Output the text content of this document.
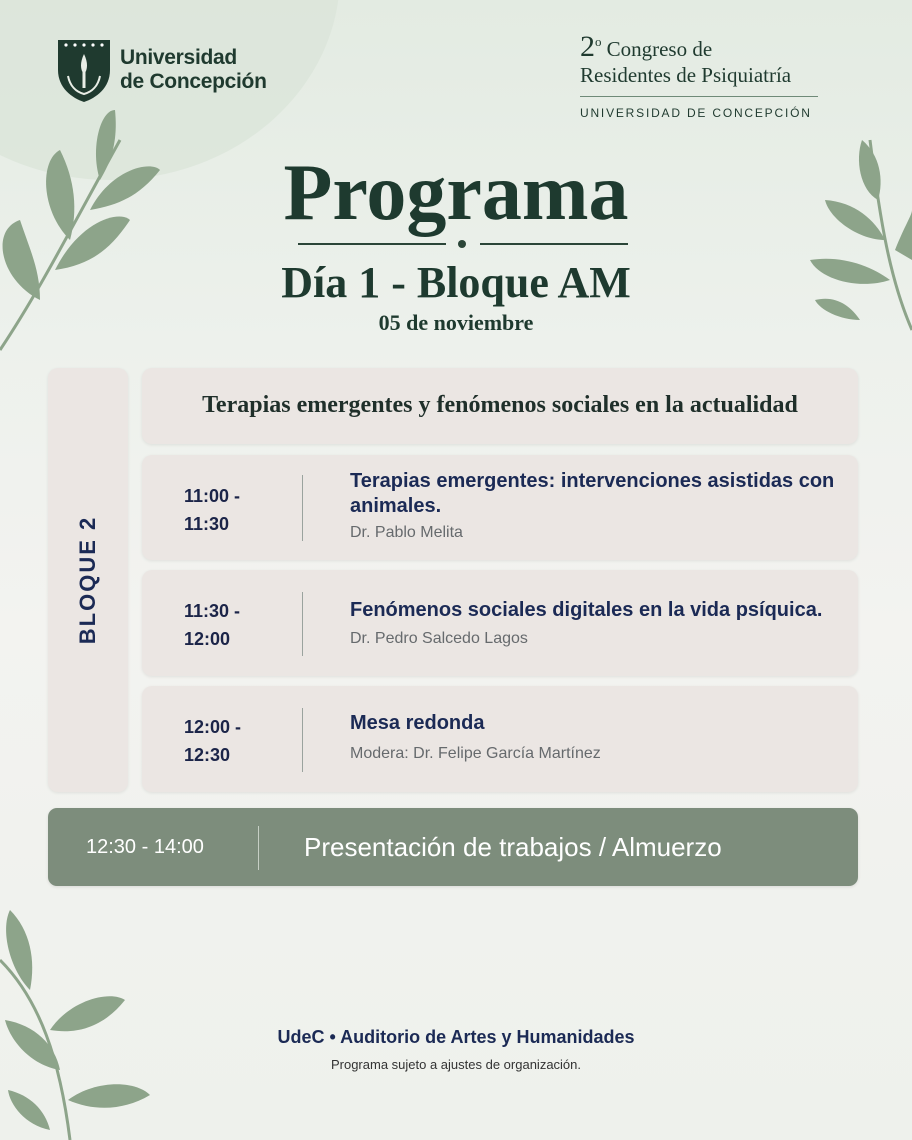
Universidad
de Concepción
2$^o$ Congreso de
Residentes de Psiquiatría
UNIVERSIDAD DE CONCEPCIÓN
Programa
Día 1 - Bloque AM
05 de noviembre
BLOQUE 2
Terapias emergentes y fenómenos sociales en la actualidad
11:00 -
11:30
Terapias emergentes: intervenciones asistidas con animales.
Dr. Pablo Melita
11:30 -
12:00
Fenómenos sociales digitales en la vida psíquica.
Dr. Pedro Salcedo Lagos
12:00 -
12:30
Mesa redonda
Modera: Dr. Felipe García Martínez
12:30 - 14:00	Presentación de trabajos / Almuerzo
UdeC • Auditorio de Artes y Humanidades
Programa sujeto a ajustes de organización.
